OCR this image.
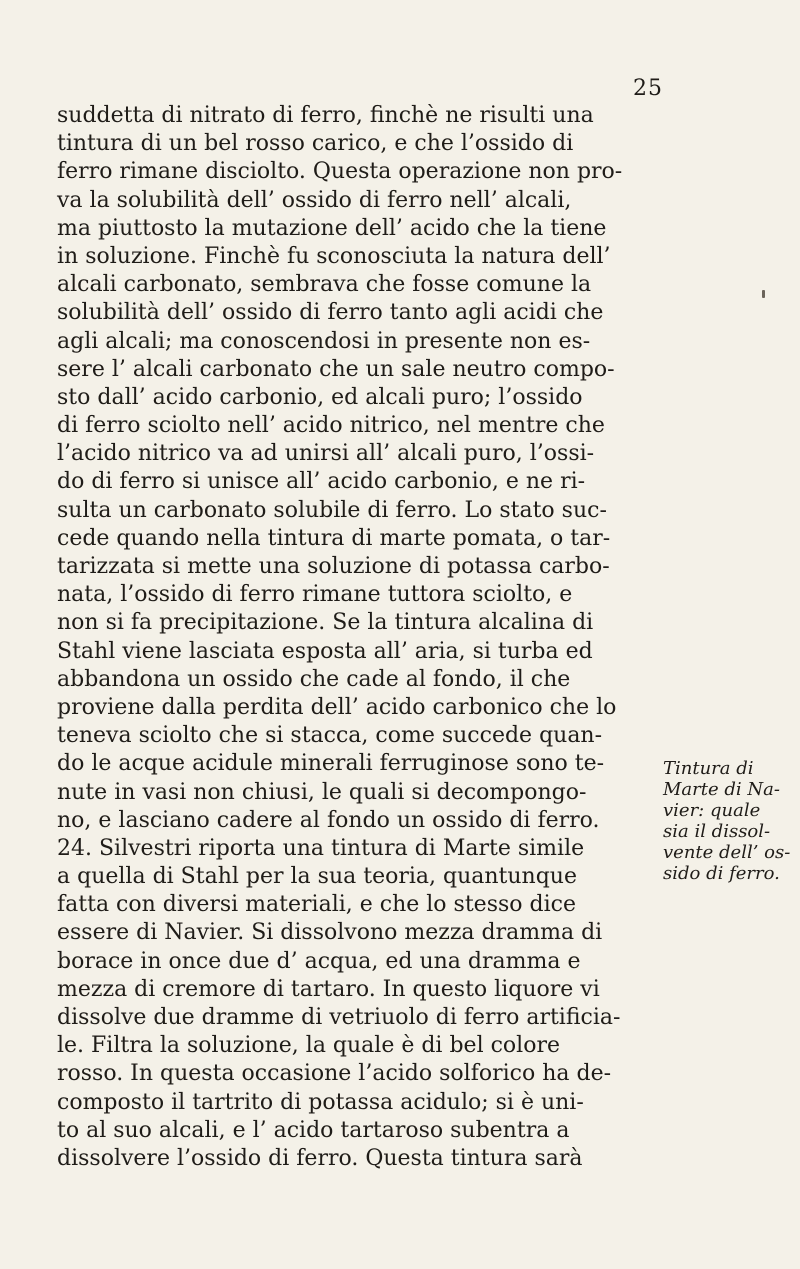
25
suddetta di nitrato di ferro, finchè ne risulti una
tintura di un bel rosso carico, e che l’ossido di
ferro rimane disciolto. Questa operazione non pro-
va la solubilità dell’ ossido di ferro nell’ alcali,
ma piuttosto la mutazione dell’ acido che la tiene
in soluzione. Finchè fu sconosciuta la natura dell’
alcali carbonato, sembrava che fosse comune la
solubilità dell’ ossido di ferro tanto agli acidi che
agli alcali; ma conoscendosi in presente non es-
sere l’ alcali carbonato che un sale neutro compo-
sto dall’ acido carbonio, ed alcali puro; l’ossido
di ferro sciolto nell’ acido nitrico, nel mentre che
l’acido nitrico va ad unirsi all’ alcali puro, l’ossi-
do di ferro si unisce all’ acido carbonio, e ne ri-
sulta un carbonato solubile di ferro. Lo stato suc-
cede quando nella tintura di marte pomata, o tar-
tarizzata si mette una soluzione di potassa carbo-
nata, l’ossido di ferro rimane tuttora sciolto, e
non si fa precipitazione. Se la tintura alcalina di
Stahl viene lasciata esposta all’ aria, si turba ed
abbandona un ossido che cade al fondo, il che
proviene dalla perdita dell’ acido carbonico che lo
teneva sciolto che si stacca, come succede quan-
do le acque acidule minerali ferruginose sono te-
nute in vasi non chiusi, le quali si decompongo-
no, e lasciano cadere al fondo un ossido di ferro.
24. Silvestri riporta una tintura di Marte simile
a quella di Stahl per la sua teoria, quantunque
fatta con diversi materiali, e che lo stesso dice
essere di Navier. Si dissolvono mezza dramma di
borace in once due d’ acqua, ed una dramma e
mezza di cremore di tartaro. In questo liquore vi
dissolve due dramme di vetriuolo di ferro artificia-
le. Filtra la soluzione, la quale è di bel colore
rosso. In questa occasione l’acido solforico ha de-
composto il tartrito di potassa acidulo; si è uni-
to al suo alcali, e l’ acido tartaroso subentra a
dissolvere l’ossido di ferro. Questa tintura sarà
Tintura di
Marte di Na-
vier: quale
sia il dissol-
vente dell’ os-
sido di ferro.
